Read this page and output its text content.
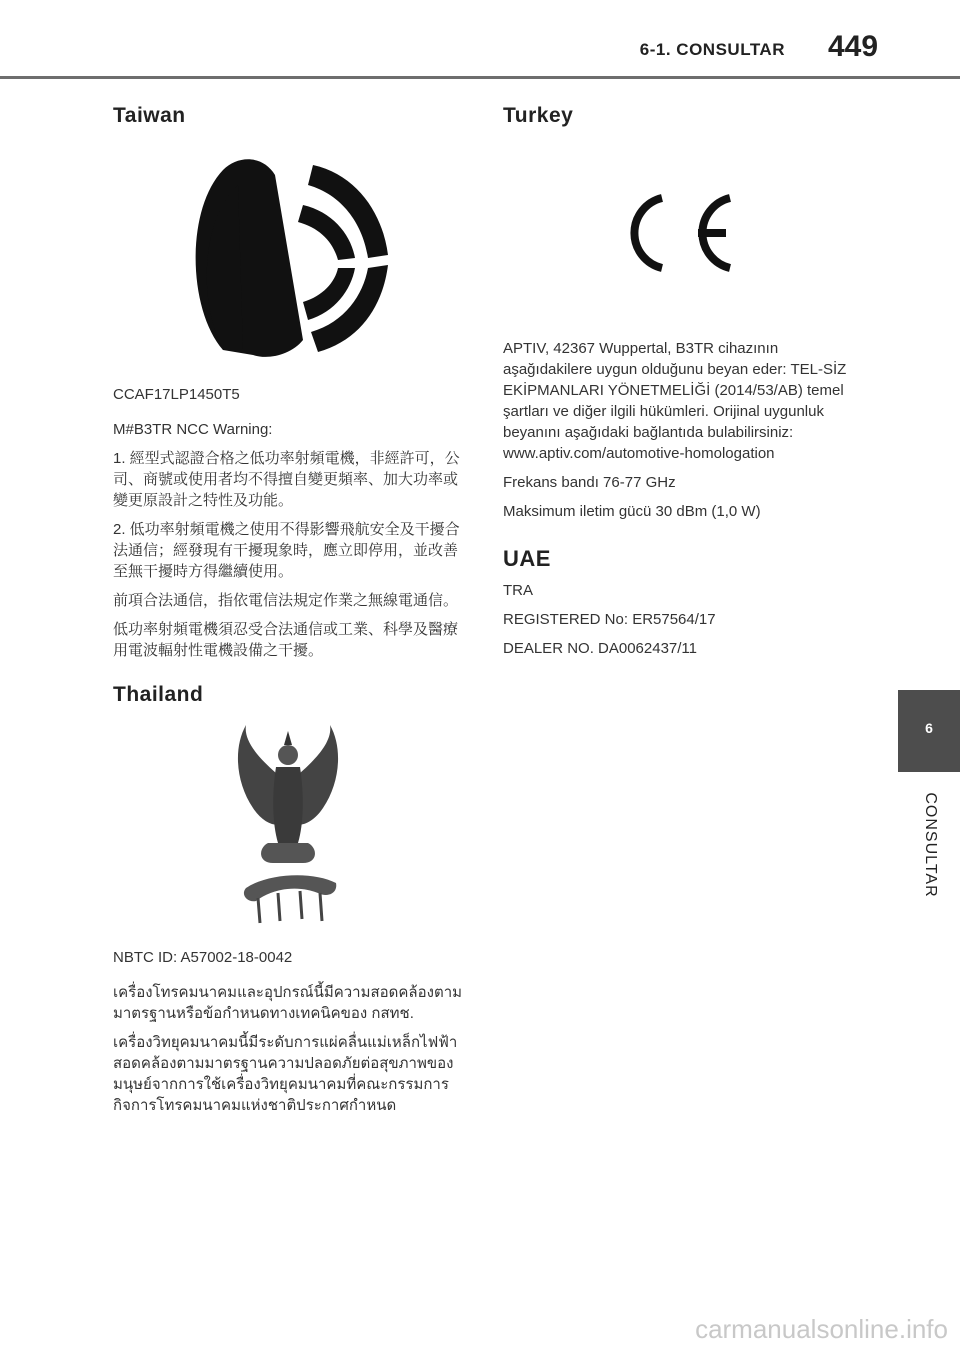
6-1. CONSULTAR 449
Taiwan

CCAF17LP1450T5

M#B3TR NCC Warning:

1. 經型式認證合格之低功率射頻電機，非經許可，公司、商號或使用者均不得擅自變更頻率、加大功率或變更原設計之特性及功能。

2. 低功率射頻電機之使用不得影響飛航安全及干擾合法通信；經發現有干擾現象時，應立即停用，並改善至無干擾時方得繼續使用。

前項合法通信，指依電信法規定作業之無線電通信。

低功率射頻電機須忍受合法通信或工業、科學及醫療用電波輻射性電機設備之干擾。

Thailand

NBTC ID: A57002-18-0042

เครื่องโทรคมนาคมและอุปกรณ์นี้มีความสอดคล้องตามมาตรฐานหรือข้อกำหนดทางเทคนิคของ กสทช.

เครื่องวิทยุคมนาคมนี้มีระดับการแผ่คลื่นแม่เหล็กไฟฟ้าสอดคล้องตามมาตรฐานความปลอดภัยต่อสุขภาพของมนุษย์จากการใช้เครื่องวิทยุคมนาคมที่คณะกรรมการกิจการโทรคมนาคมแห่งชาติประกาศกำหนด

Turkey

APTIV, 42367 Wuppertal, B3TR cihazının aşağıdakilere uygun olduğunu beyan eder: TEL-SİZ EKİPMANLARI YÖNETMELİĞİ (2014/53/AB) temel şartları ve diğer ilgili hükümleri. Orijinal uygunluk beyanını aşağıdaki bağlantıda bulabilirsiniz: www.aptiv.com/automotive-homologation

Frekans bandı 76-77 GHz

Maksimum iletim gücü 30 dBm (1,0 W)

UAE

TRA

REGISTERED No: ER57564/17

DEALER NO. DA0062437/11

6
CONSULTAR
carmanualsonline.info
